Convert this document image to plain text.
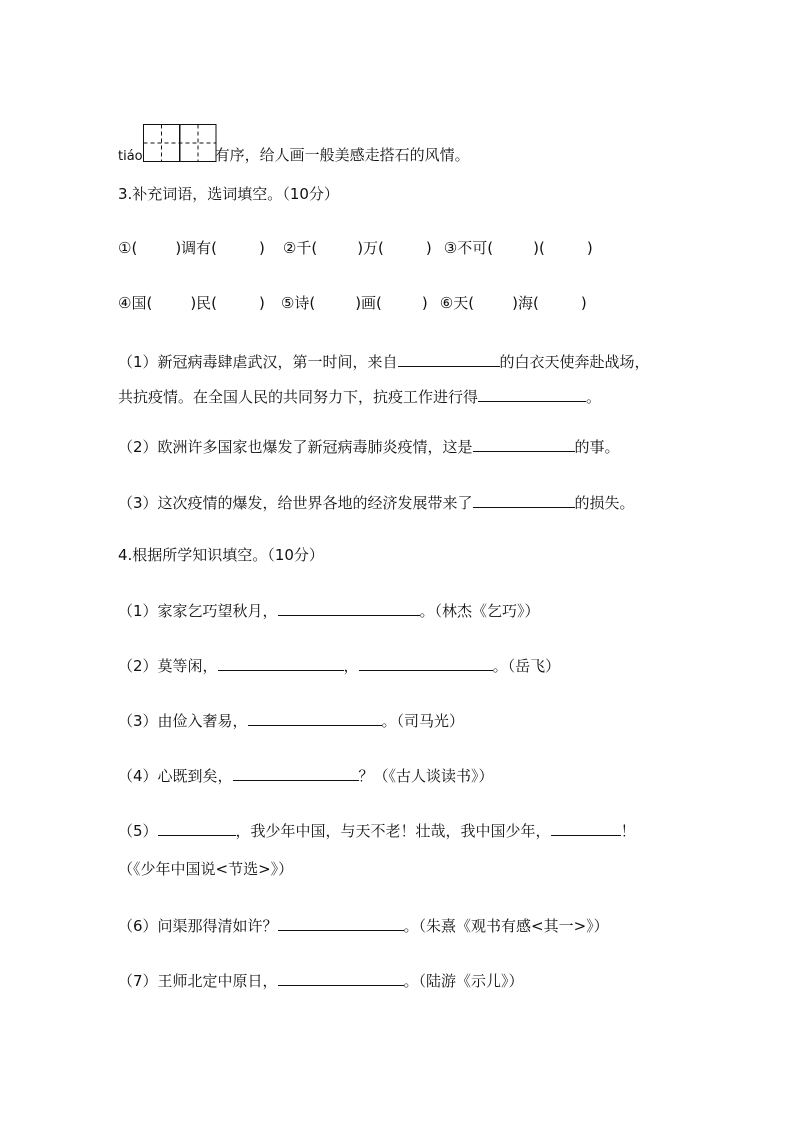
tiáo	有序，给人画一般美感走搭石的风情。
3.补充词语，选词填空。（10分）
①(	)调有(	) ②千(	)万(	) ③不可(	)(	)
④国(	)民(	) ⑤诗(	)画(	) ⑥天(	)海(	)
（1）新冠病毒肆虐武汉，第一时间，来自	的白衣天使奔赴战场，
共抗疫情。在全国人民的共同努力下，抗疫工作进行得	。
（2）欧洲许多国家也爆发了新冠病毒肺炎疫情，这是	的事。
（3）这次疫情的爆发，给世界各地的经济发展带来了	的损失。
4.根据所学知识填空。（10分）
（1）家家乞巧望秋月，	。（林杰《乞巧》）
（2）莫等闲，	，	。（岳飞）
（3）由俭入奢易，	。（司马光）
（4）心既到矣，	？（《古人谈读书》）
（5）	，我少年中国，与天不老！壮哉，我中国少年，	！
（《少年中国说<节选>》）
（6）问渠那得清如许？	。（朱熹《观书有感<其一>》）
（7）王师北定中原日，	。（陆游《示儿》）
